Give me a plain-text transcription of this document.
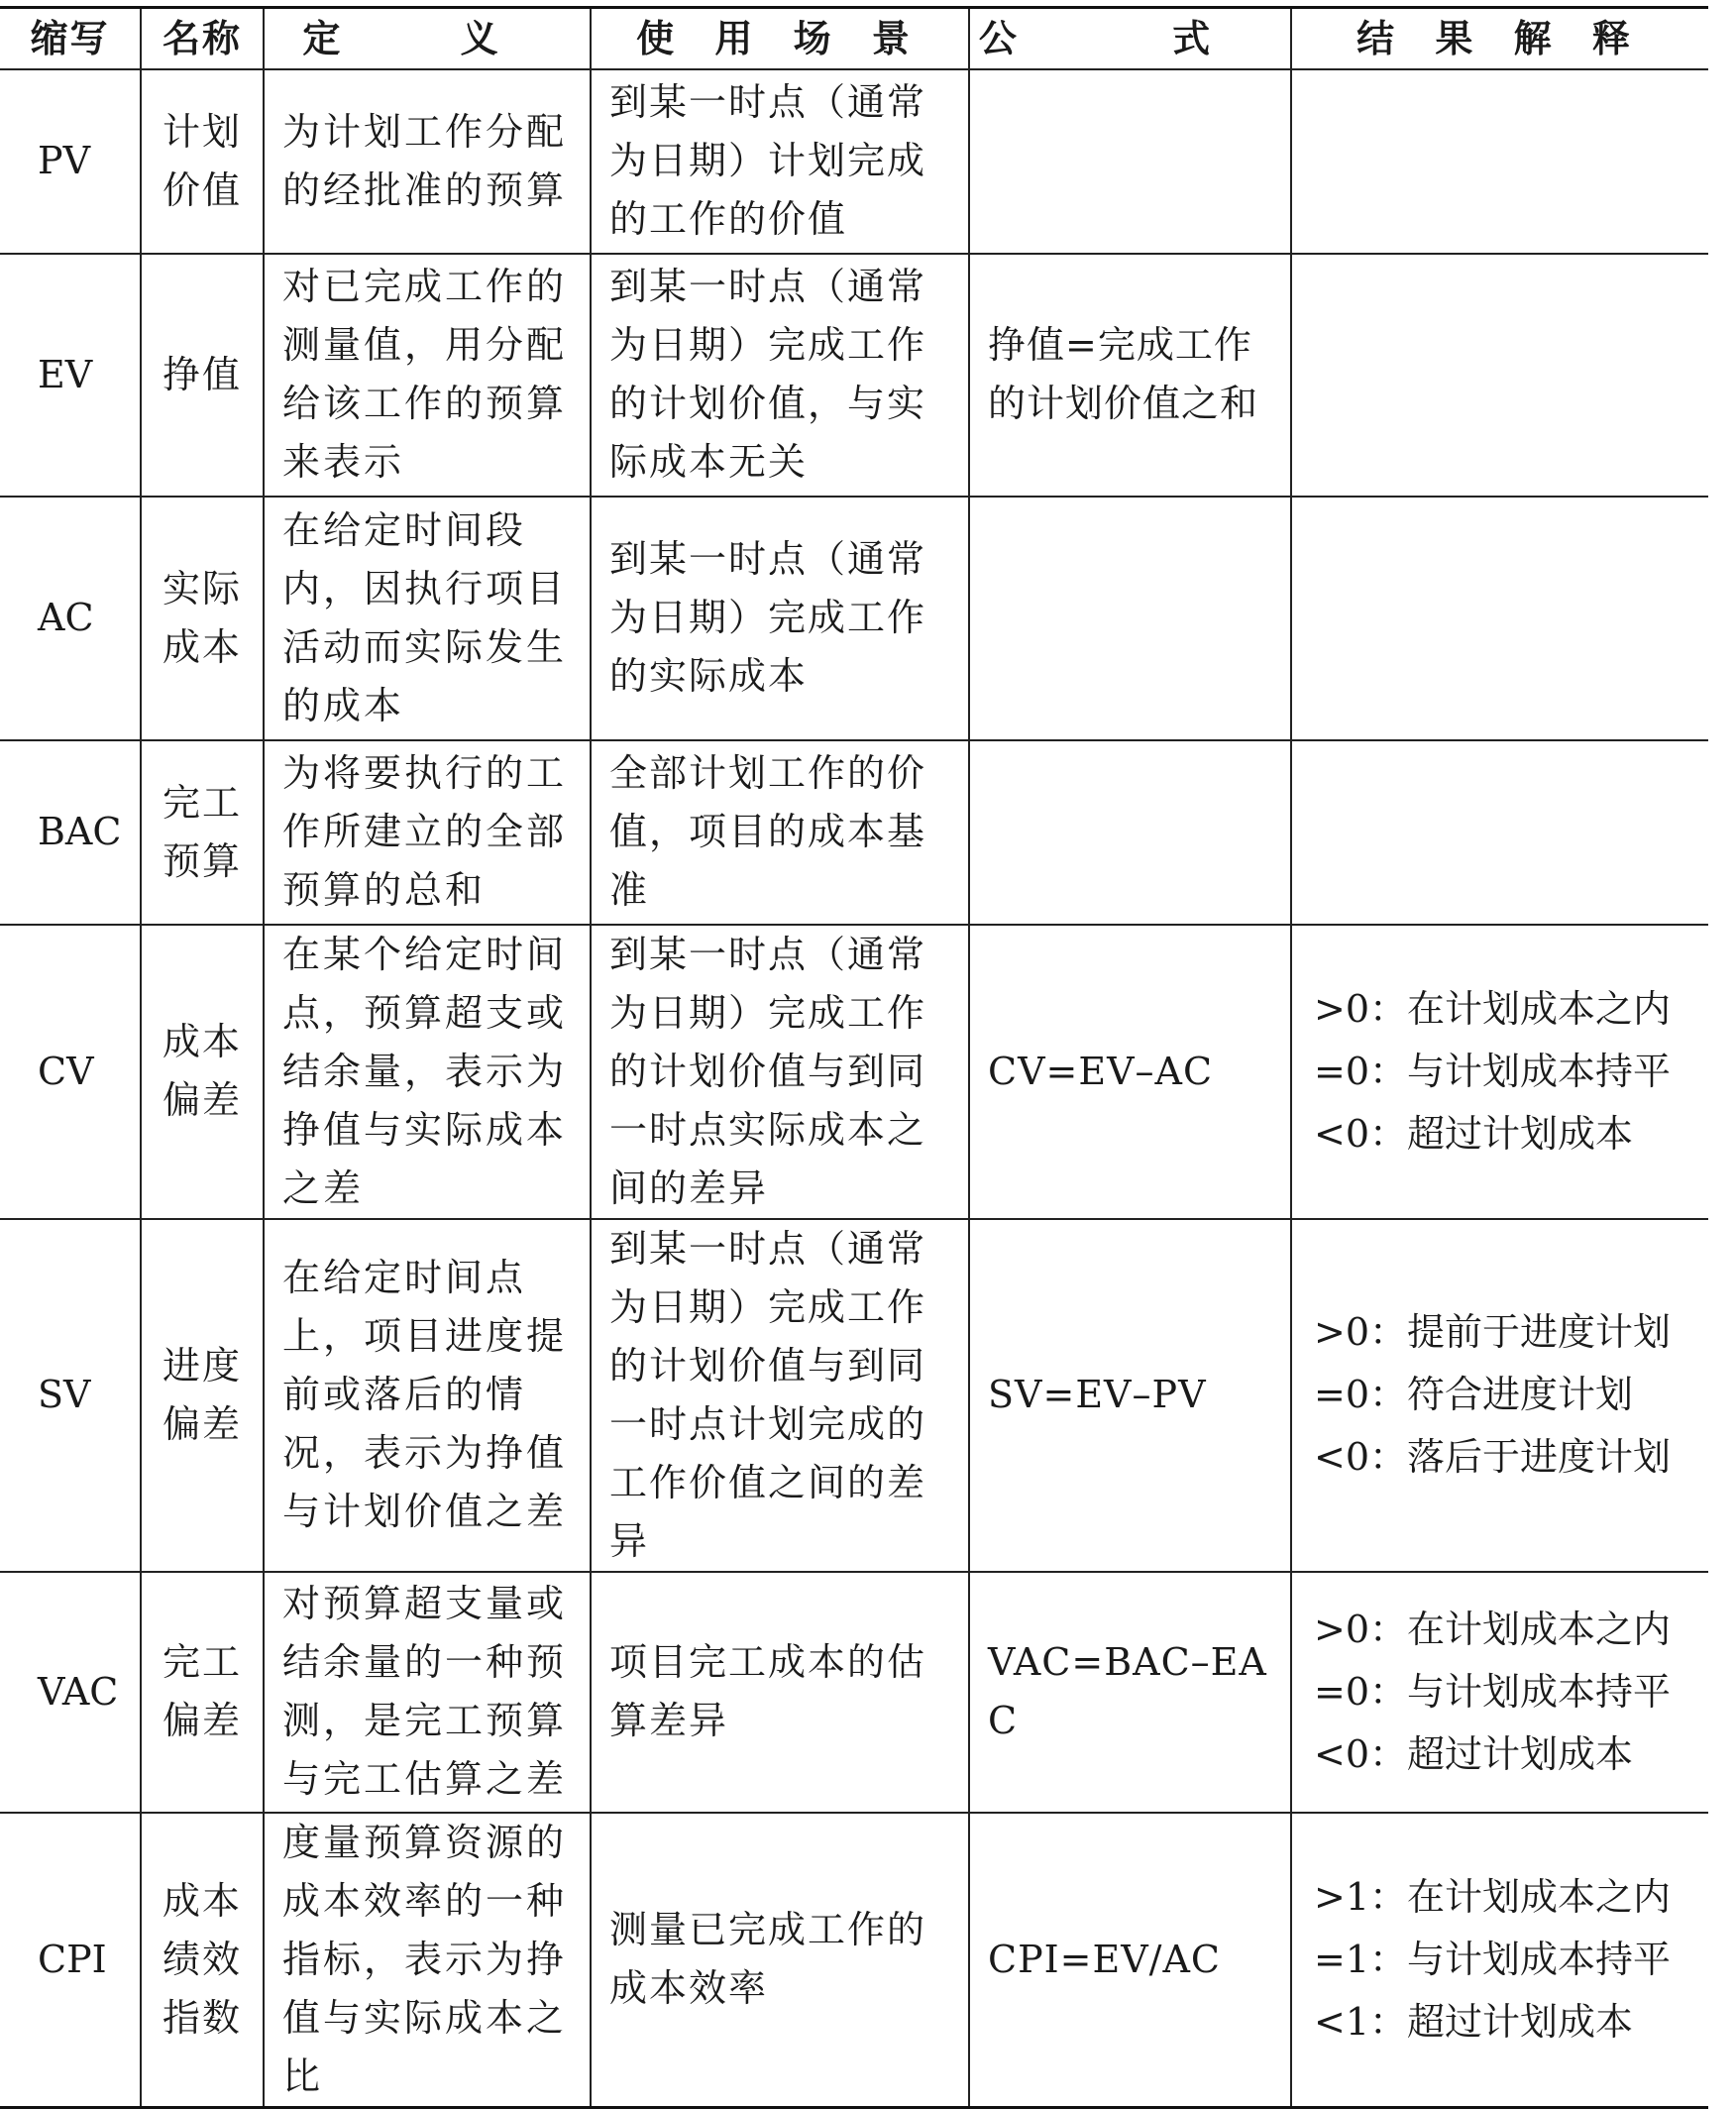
缩写	名称	定 义	使 用 场 景	公 式	结 果 解 释
PV	计划价值	为计划工作分配的经批准的预算	到某一时点（通常为日期）计划完成的工作的价值		

EV	挣值	对已完成工作的测量值，用分配给该工作的预算来表示	到某一时点（通常为日期）完成工作的计划价值，与实际成本无关	挣值=完成工作的计划价值之和	

AC	实际成本	在给定时间段内，因执行项目活动而实际发生的成本	到某一时点（通常为日期）完成工作的实际成本		

BAC	完工预算	为将要执行的工作所建立的全部预算的总和	全部计划工作的价值，项目的成本基准		

CV	成本偏差	在某个给定时间点，预算超支或结余量，表示为挣值与实际成本之差	到某一时点（通常为日期）完成工作的计划价值与到同一时点实际成本之间的差异	CV=EV–AC	>0：在计划成本之内
=0：与计划成本持平
<0：超过计划成本

SV	进度偏差	在给定时间点上，项目进度提前或落后的情况，表示为挣值与计划价值之差	到某一时点（通常为日期）完成工作的计划价值与到同一时点计划完成的工作价值之间的差异	SV=EV–PV	>0：提前于进度计划
=0：符合进度计划
<0：落后于进度计划

VAC	完工偏差	对预算超支量或结余量的一种预测，是完工预算与完工估算之差	项目完工成本的估算差异	VAC=BAC–EAC	>0：在计划成本之内
=0：与计划成本持平
<0：超过计划成本

CPI	成本绩效指数	度量预算资源的成本效率的一种指标，表示为挣值与实际成本之比	测量已完成工作的成本效率	CPI=EV/AC	>1：在计划成本之内
=1：与计划成本持平
<1：超过计划成本
